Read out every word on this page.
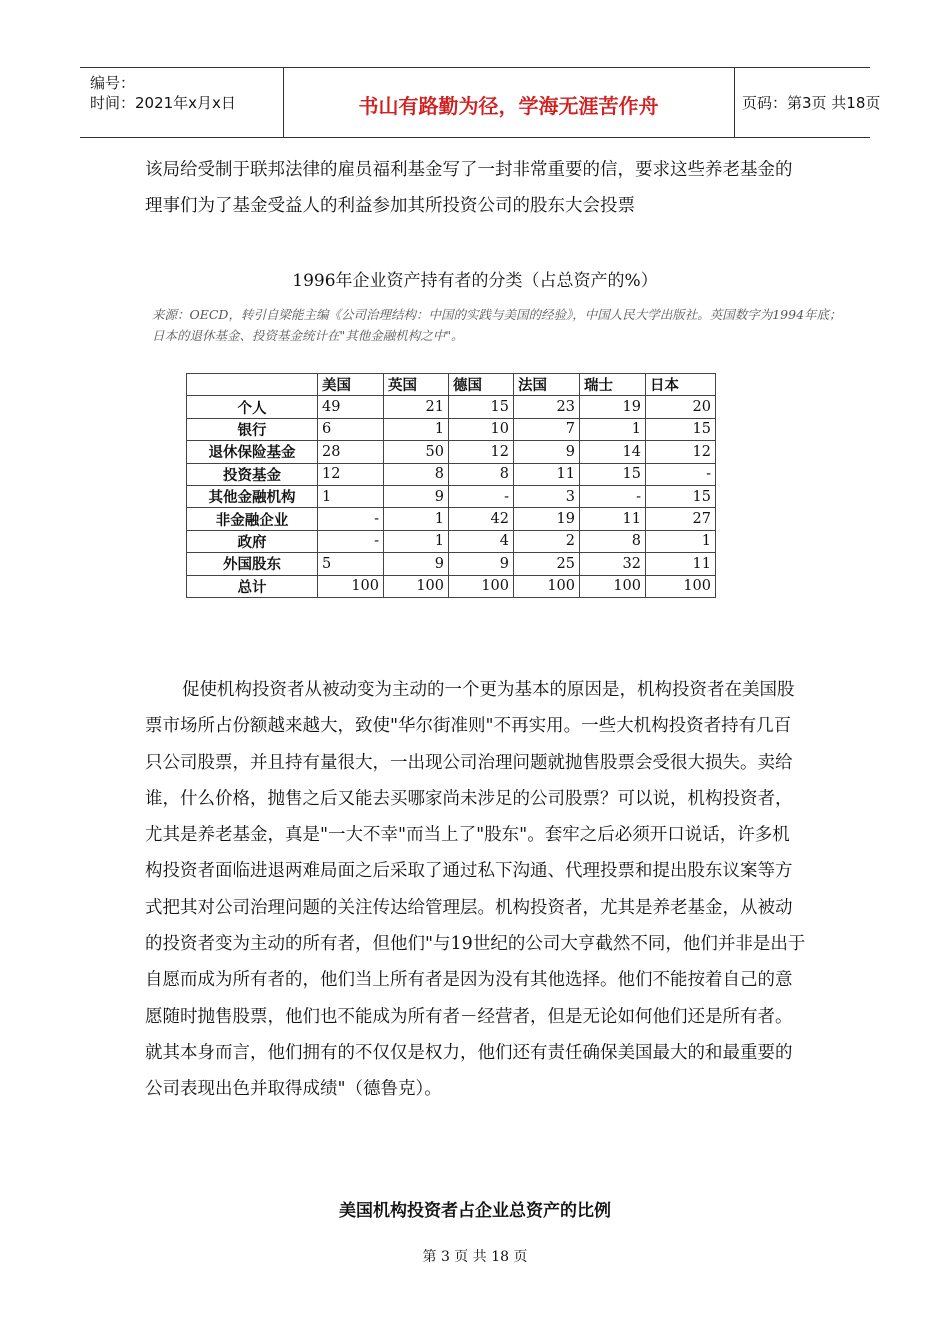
编号：
时间：2021年x月x日	书山有路勤为径，学海无涯苦作舟	页码：第3页 共18页

该局给受制于联邦法律的雇员福利基金写了一封非常重要的信，要求这些养老基金的理事们为了基金受益人的利益参加其所投资公司的股东大会投票

1996年企业资产持有者的分类（占总资产的%）
来源：OECD，转引自梁能主编《公司治理结构：中国的实践与美国的经验》，中国人民大学出版社。英国数字为1994年底；日本的退休基金、投资基金统计在"其他金融机构之中"。
	美国	英国	德国	法国	瑞士	日本
个人	49	21	15	23	19	20
银行	6	1	10	7	1	15
退休保险基金	28	50	12	9	14	12
投资基金	12	8	8	11	15	-
其他金融机构	1	9	-	3	-	15
非金融企业	-	1	42	19	11	27
政府	-	1	4	2	8	1
外国股东	5	9	9	25	32	11
总计	100	100	100	100	100	100

促使机构投资者从被动变为主动的一个更为基本的原因是，机构投资者在美国股票市场所占份额越来越大，致使"华尔街准则"不再实用。一些大机构投资者持有几百只公司股票，并且持有量很大，一出现公司治理问题就抛售股票会受很大损失。卖给谁，什么价格，抛售之后又能去买哪家尚未涉足的公司股票？可以说，机构投资者，尤其是养老基金，真是"一大不幸"而当上了"股东"。套牢之后必须开口说话，许多机构投资者面临进退两难局面之后采取了通过私下沟通、代理投票和提出股东议案等方式把其对公司治理问题的关注传达给管理层。机构投资者，尤其是养老基金，从被动的投资者变为主动的所有者，但他们"与19世纪的公司大亨截然不同，他们并非是出于自愿而成为所有者的，他们当上所有者是因为没有其他选择。他们不能按着自己的意愿随时抛售股票，他们也不能成为所有者－经营者，但是无论如何他们还是所有者。就其本身而言，他们拥有的不仅仅是权力，他们还有责任确保美国最大的和最重要的公司表现出色并取得成绩"（德鲁克）。

美国机构投资者占企业总资产的比例
第 3 页 共 18 页
